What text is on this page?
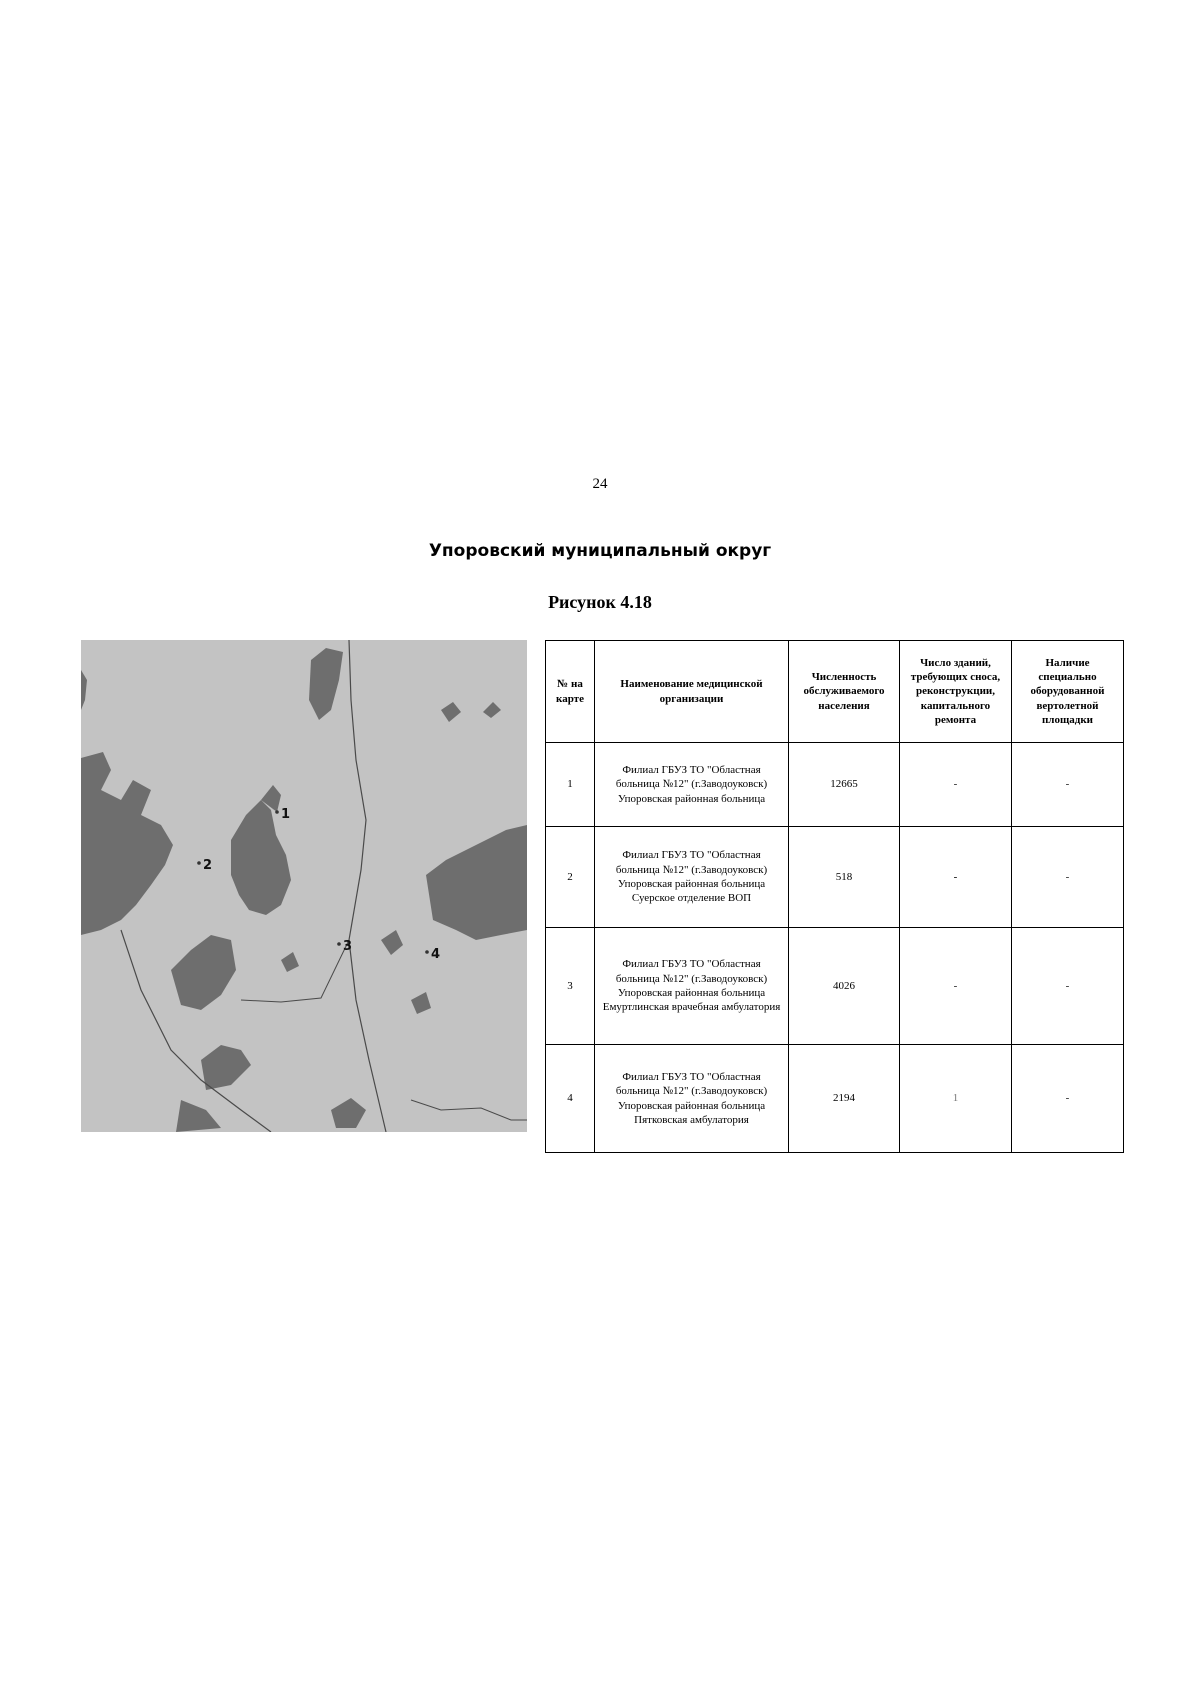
24
Упоровский муниципальный округ
Рисунок 4.18
1
2
3
4
№ на карте	Наименование медицинской организации	Численность обслуживаемого населения	Число зданий, требующих сноса, реконструкции, капитального ремонта	Наличие специально оборудованной вертолетной площадки
1	Филиал ГБУЗ ТО "Областная больница №12" (г.Заводоуковск) Упоровская районная больница	12665	-	-
2	Филиал ГБУЗ ТО "Областная больница №12" (г.Заводоуковск) Упоровская районная больница Суерское отделение ВОП	518	-	-
3	Филиал ГБУЗ ТО "Областная больница №12" (г.Заводоуковск) Упоровская районная больница Емуртлинская врачебная амбулатория	4026	-	-
4	Филиал ГБУЗ ТО "Областная больница №12" (г.Заводоуковск) Упоровская районная больница Пятковская амбулатория	2194	1	-
